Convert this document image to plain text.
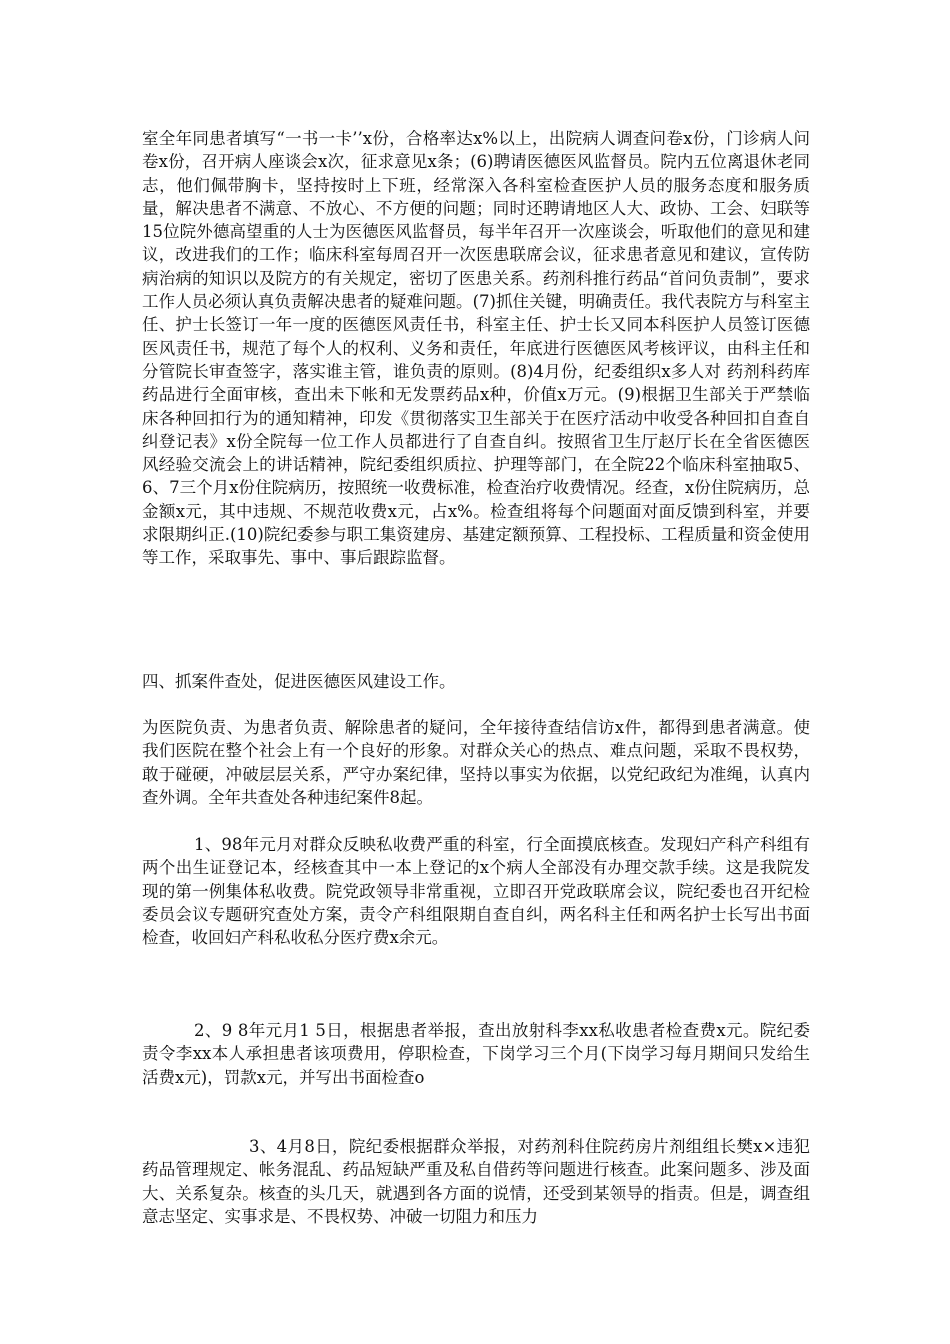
室全年同患者填写“一书一卡’’x份，合格率达x%以上，出院病人调查问卷x份，门诊病人问卷x份，召开病人座谈会x次，征求意见x条；(6)聘请医德医风监督员。院内五位离退休老同志，他们佩带胸卡，坚持按时上下班，经常深入各科室检查医护人员的服务态度和服务质量，解决患者不满意、不放心、不方便的问题；同时还聘请地区人大、政协、工会、妇联等15位院外德高望重的人士为医德医风监督员，每半年召开一次座谈会，听取他们的意见和建议，改进我们的工作；临床科室每周召开一次医患联席会议，征求患者意见和建议，宣传防病治病的知识以及院方的有关规定，密切了医患关系。药剂科推行药品“首问负责制”，要求工作人员必须认真负责解决患者的疑难问题。(7)抓住关键，明确责任。我代表院方与科室主任、护士长签订一年一度的医德医风责任书，科室主任、护士长又同本科医护人员签订医德医风责任书，规范了每个人的权利、义务和责任，年底进行医德医风考核评议，由科主任和分管院长审查签字，落实谁主管，谁负责的原则。(8)4月份，纪委组织x多人对 药剂科药库药品进行全面审核，查出未下帐和无发票药品x种，价值x万元。(9)根据卫生部关于严禁临床各种回扣行为的通知精神，印发《贯彻落实卫生部关于在医疗活动中收受各种回扣自查自纠登记表》x份全院每一位工作人员都进行了自查自纠。按照省卫生厅赵厅长在全省医德医风经验交流会上的讲话精神，院纪委组织质拉、护理等部门，在全院22个临床科室抽取5、6、7三个月x份住院病历，按照统一收费标准，检查治疗收费情况。经查，x份住院病历，总金额x元，其中违规、不规范收费x元，占x%。检查组将每个问题面对面反馈到科室，并要求限期纠正.(10)院纪委参与职工集资建房、基建定额预算、工程投标、工程质量和资金使用等工作，采取事先、事中、事后跟踪监督。

四、抓案件查处，促进医德医风建设工作。

为医院负责、为患者负责、解除患者的疑问，全年接待查结信访x件，都得到患者满意。使我们医院在整个社会上有一个良好的形象。对群众关心的热点、难点问题，采取不畏权势，敢于碰硬，冲破层层关系，严守办案纪律，坚持以事实为依据，以党纪政纪为准绳，认真内查外调。全年共查处各种违纪案件8起。

1、98年元月对群众反映私收费严重的科室，行全面摸底核查。发现妇产科产科组有两个出生证登记本，经核查其中一本上登记的x个病人全部没有办理交款手续。这是我院发现的第一例集体私收费。院党政领导非常重视，立即召开党政联席会议，院纪委也召开纪检委员会议专题研究查处方案，责令产科组限期自查自纠，两名科主任和两名护士长写出书面检查，收回妇产科私收私分医疗费x余元。

2、9 8年元月1 5日，根据患者举报，查出放射科李xx私收患者检查费x元。院纪委责令李xx本人承担患者该项费用，停职检查，下岗学习三个月(下岗学习每月期间只发给生活费x元)，罚款x元，并写出书面检查o

3、4月8日，院纪委根据群众举报，对药剂科住院药房片剂组组长樊x×违犯药品管理规定、帐务混乱、药品短缺严重及私自借药等问题进行核查。此案问题多、涉及面大、关系复杂。核查的头几天，就遇到各方面的说情，还受到某领导的指责。但是，调查组意志坚定、实事求是、不畏权势、冲破一切阻力和压力
